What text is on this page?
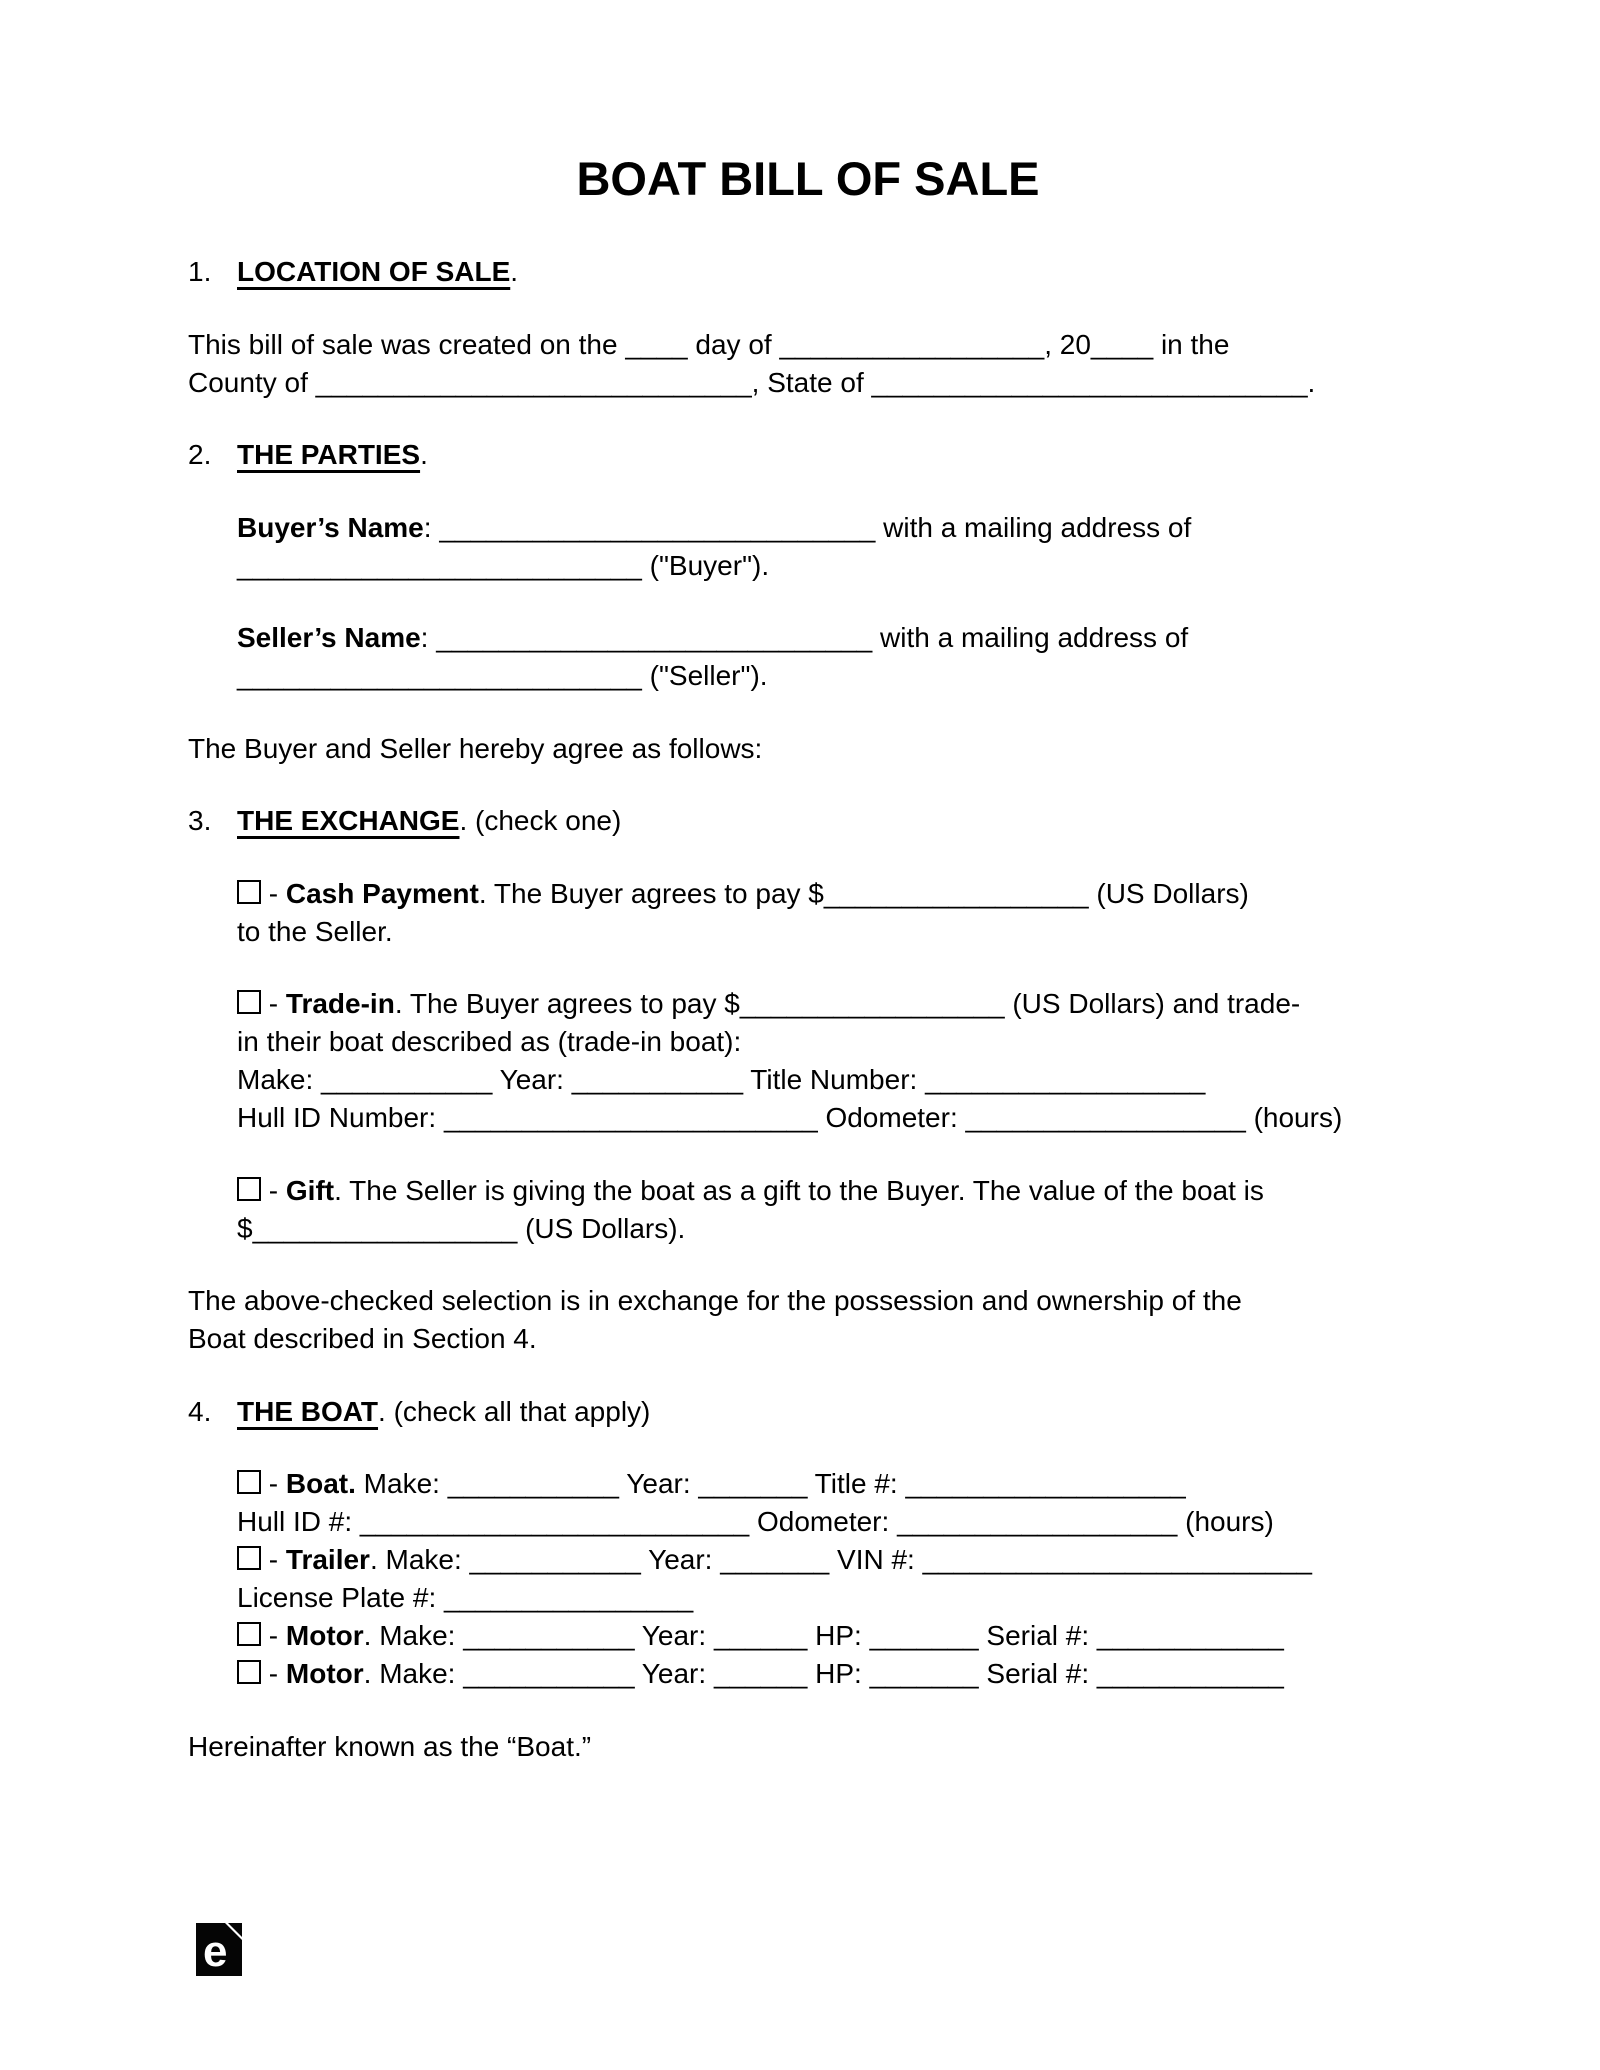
BOAT BILL OF SALE
1. LOCATION OF SALE.
This bill of sale was created on the ____ day of _________________, 20____ in the
County of ____________________________, State of ____________________________.
2. THE PARTIES.
Buyer’s Name: ____________________________ with a mailing address of
__________________________ ("Buyer").
Seller’s Name: ____________________________ with a mailing address of
__________________________ ("Seller").
The Buyer and Seller hereby agree as follows:
3. THE EXCHANGE. (check one)
- Cash Payment. The Buyer agrees to pay $_________________ (US Dollars)
to the Seller.
- Trade-in. The Buyer agrees to pay $_________________ (US Dollars) and trade-
in their boat described as (trade-in boat):
Make: ___________ Year: ___________ Title Number: __________________
Hull ID Number: ________________________ Odometer: __________________ (hours)
- Gift. The Seller is giving the boat as a gift to the Buyer. The value of the boat is
$_________________ (US Dollars).
The above-checked selection is in exchange for the possession and ownership of the
Boat described in Section 4.
4. THE BOAT. (check all that apply)
- Boat. Make: ___________ Year: _______ Title #: __________________
Hull ID #: _________________________ Odometer: __________________ (hours)
- Trailer. Make: ___________ Year: _______ VIN #: _________________________
License Plate #: ________________
- Motor. Make: ___________ Year: ______ HP: _______ Serial #: ____________
- Motor. Make: ___________ Year: ______ HP: _______ Serial #: ____________
Hereinafter known as the “Boat.”
e
